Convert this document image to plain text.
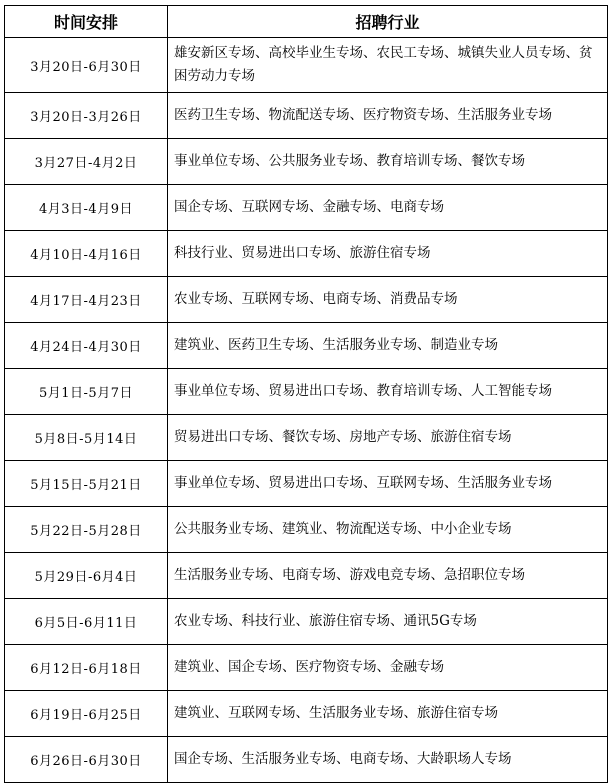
时间安排	招聘行业
3月20日-6月30日	雄安新区专场、高校毕业生专场、农民工专场、城镇失业人员专场、贫困劳动力专场
3月20日-3月26日	医药卫生专场、物流配送专场、医疗物资专场、生活服务业专场
3月27日-4月2日	事业单位专场、公共服务业专场、教育培训专场、餐饮专场
4月3日-4月9日	国企专场、互联网专场、金融专场、电商专场
4月10日-4月16日	科技行业、贸易进出口专场、旅游住宿专场
4月17日-4月23日	农业专场、互联网专场、电商专场、消费品专场
4月24日-4月30日	建筑业、医药卫生专场、生活服务业专场、制造业专场
5月1日-5月7日	事业单位专场、贸易进出口专场、教育培训专场、人工智能专场
5月8日-5月14日	贸易进出口专场、餐饮专场、房地产专场、旅游住宿专场
5月15日-5月21日	事业单位专场、贸易进出口专场、互联网专场、生活服务业专场
5月22日-5月28日	公共服务业专场、建筑业、物流配送专场、中小企业专场
5月29日-6月4日	生活服务业专场、电商专场、游戏电竞专场、急招职位专场
6月5日-6月11日	农业专场、科技行业、旅游住宿专场、通讯5G专场
6月12日-6月18日	建筑业、国企专场、医疗物资专场、金融专场
6月19日-6月25日	建筑业、互联网专场、生活服务业专场、旅游住宿专场
6月26日-6月30日	国企专场、生活服务业专场、电商专场、大龄职场人专场
